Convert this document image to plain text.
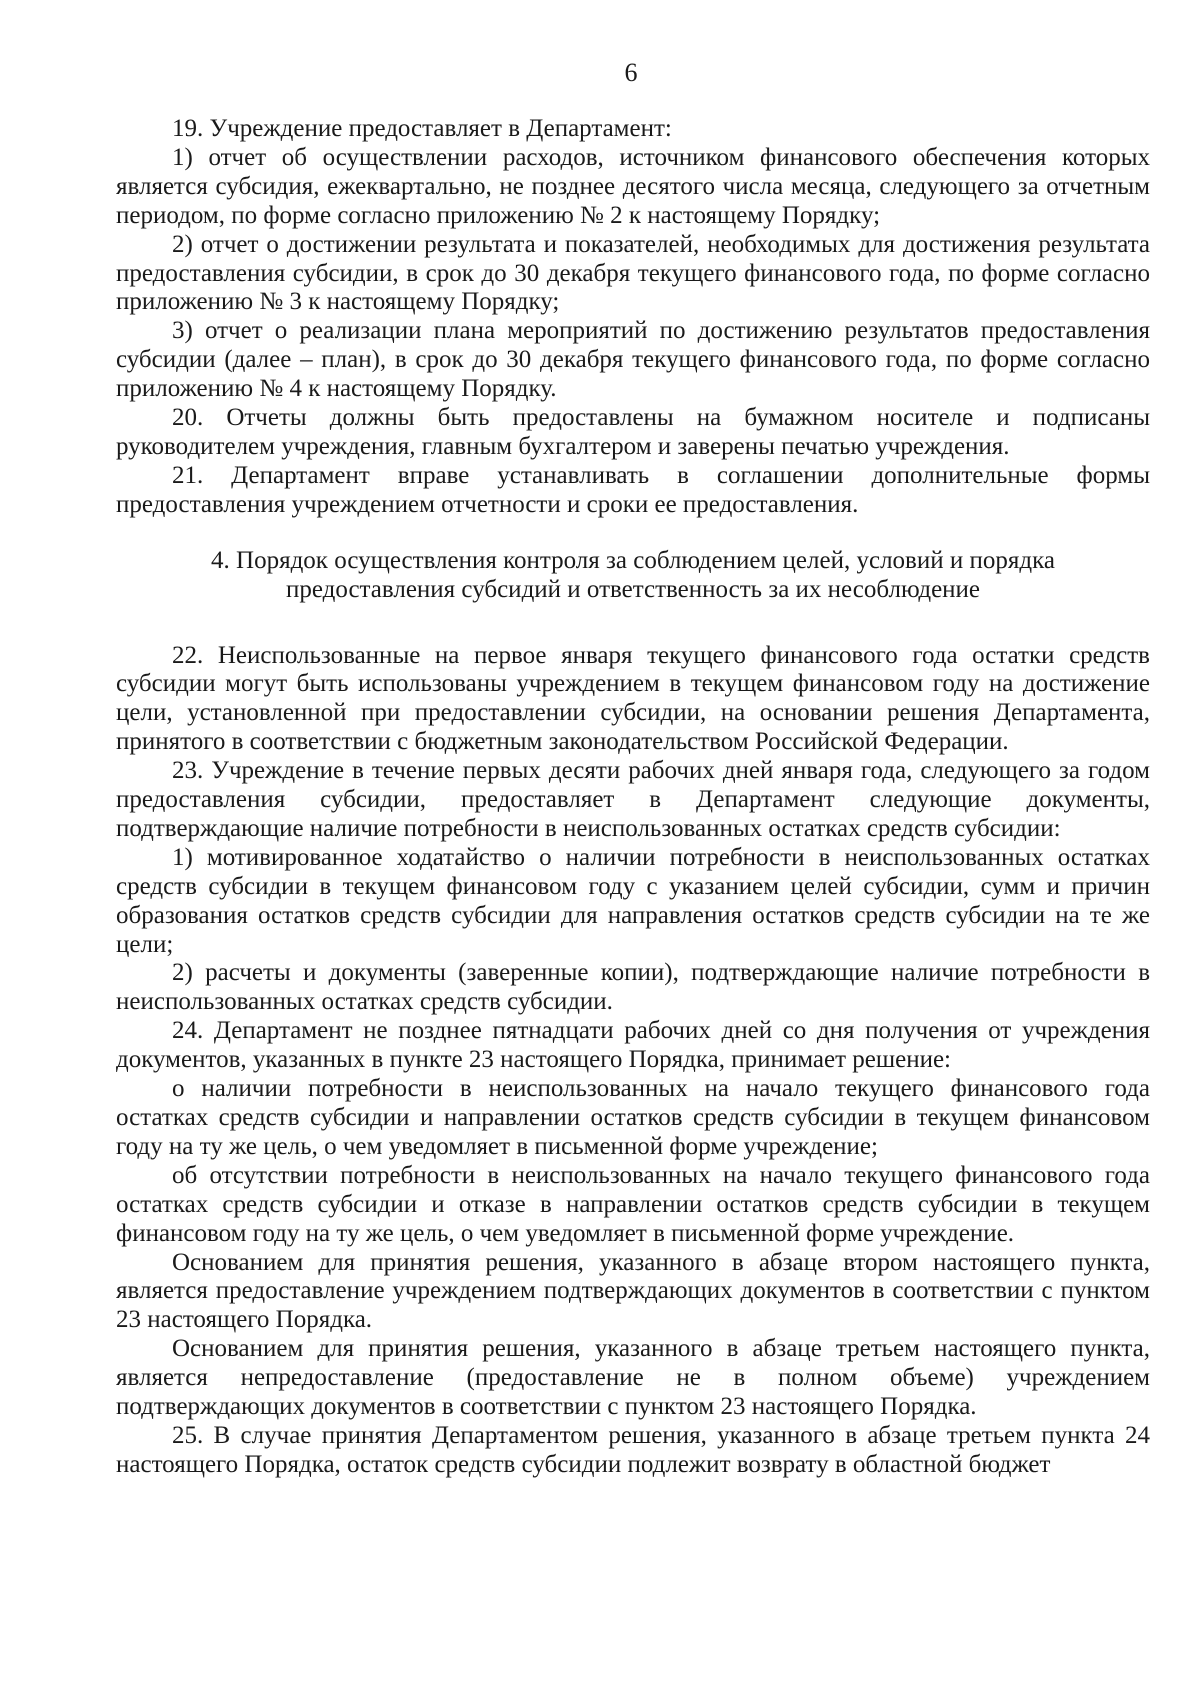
6

19. Учреждение предоставляет в Департамент:

1) отчет об осуществлении расходов, источником финансового обеспечения которых является субсидия, ежеквартально, не позднее десятого числа месяца, следующего за отчетным периодом, по форме согласно приложению № 2 к настоящему Порядку;

2) отчет о достижении результата и показателей, необходимых для достижения результата предоставления субсидии, в срок до 30 декабря текущего финансового года, по форме согласно приложению № 3 к настоящему Порядку;

3) отчет о реализации плана мероприятий по достижению результатов предоставления субсидии (далее – план), в срок до 30 декабря текущего финансового года, по форме согласно приложению № 4 к настоящему Порядку.

20. Отчеты должны быть предоставлены на бумажном носителе и подписаны руководителем учреждения, главным бухгалтером и заверены печатью учреждения.

21. Департамент вправе устанавливать в соглашении дополнительные формы предоставления учреждением отчетности и сроки ее предоставления.

4. Порядок осуществления контроля за соблюдением целей, условий и порядка
предоставления субсидий и ответственность за их несоблюдение

22. Неиспользованные на первое января текущего финансового года остатки средств субсидии могут быть использованы учреждением в текущем финансовом году на достижение цели, установленной при предоставлении субсидии, на основании решения Департамента, принятого в соответствии с бюджетным законодательством Российской Федерации.

23. Учреждение в течение первых десяти рабочих дней января года, следующего за годом предоставления субсидии, предоставляет в Департамент следующие документы, подтверждающие наличие потребности в неиспользованных остатках средств субсидии:

1) мотивированное ходатайство о наличии потребности в неиспользованных остатках средств субсидии в текущем финансовом году с указанием целей субсидии, сумм и причин образования остатков средств субсидии для направления остатков средств субсидии на те же цели;

2) расчеты и документы (заверенные копии), подтверждающие наличие потребности в неиспользованных остатках средств субсидии.

24. Департамент не позднее пятнадцати рабочих дней со дня получения от учреждения документов, указанных в пункте 23 настоящего Порядка, принимает решение:

о наличии потребности в неиспользованных на начало текущего финансового года остатках средств субсидии и направлении остатков средств субсидии в текущем финансовом году на ту же цель, о чем уведомляет в письменной форме учреждение;

об отсутствии потребности в неиспользованных на начало текущего финансового года остатках средств субсидии и отказе в направлении остатков средств субсидии в текущем финансовом году на ту же цель, о чем уведомляет в письменной форме учреждение.

Основанием для принятия решения, указанного в абзаце втором настоящего пункта, является предоставление учреждением подтверждающих документов в соответствии с пунктом 23 настоящего Порядка.

Основанием для принятия решения, указанного в абзаце третьем настоящего пункта, является непредоставление (предоставление не в полном объеме) учреждением подтверждающих документов в соответствии с пунктом 23 настоящего Порядка.

25. В случае принятия Департаментом решения, указанного в абзаце третьем пункта 24 настоящего Порядка, остаток средств субсидии подлежит возврату в областной бюджет
